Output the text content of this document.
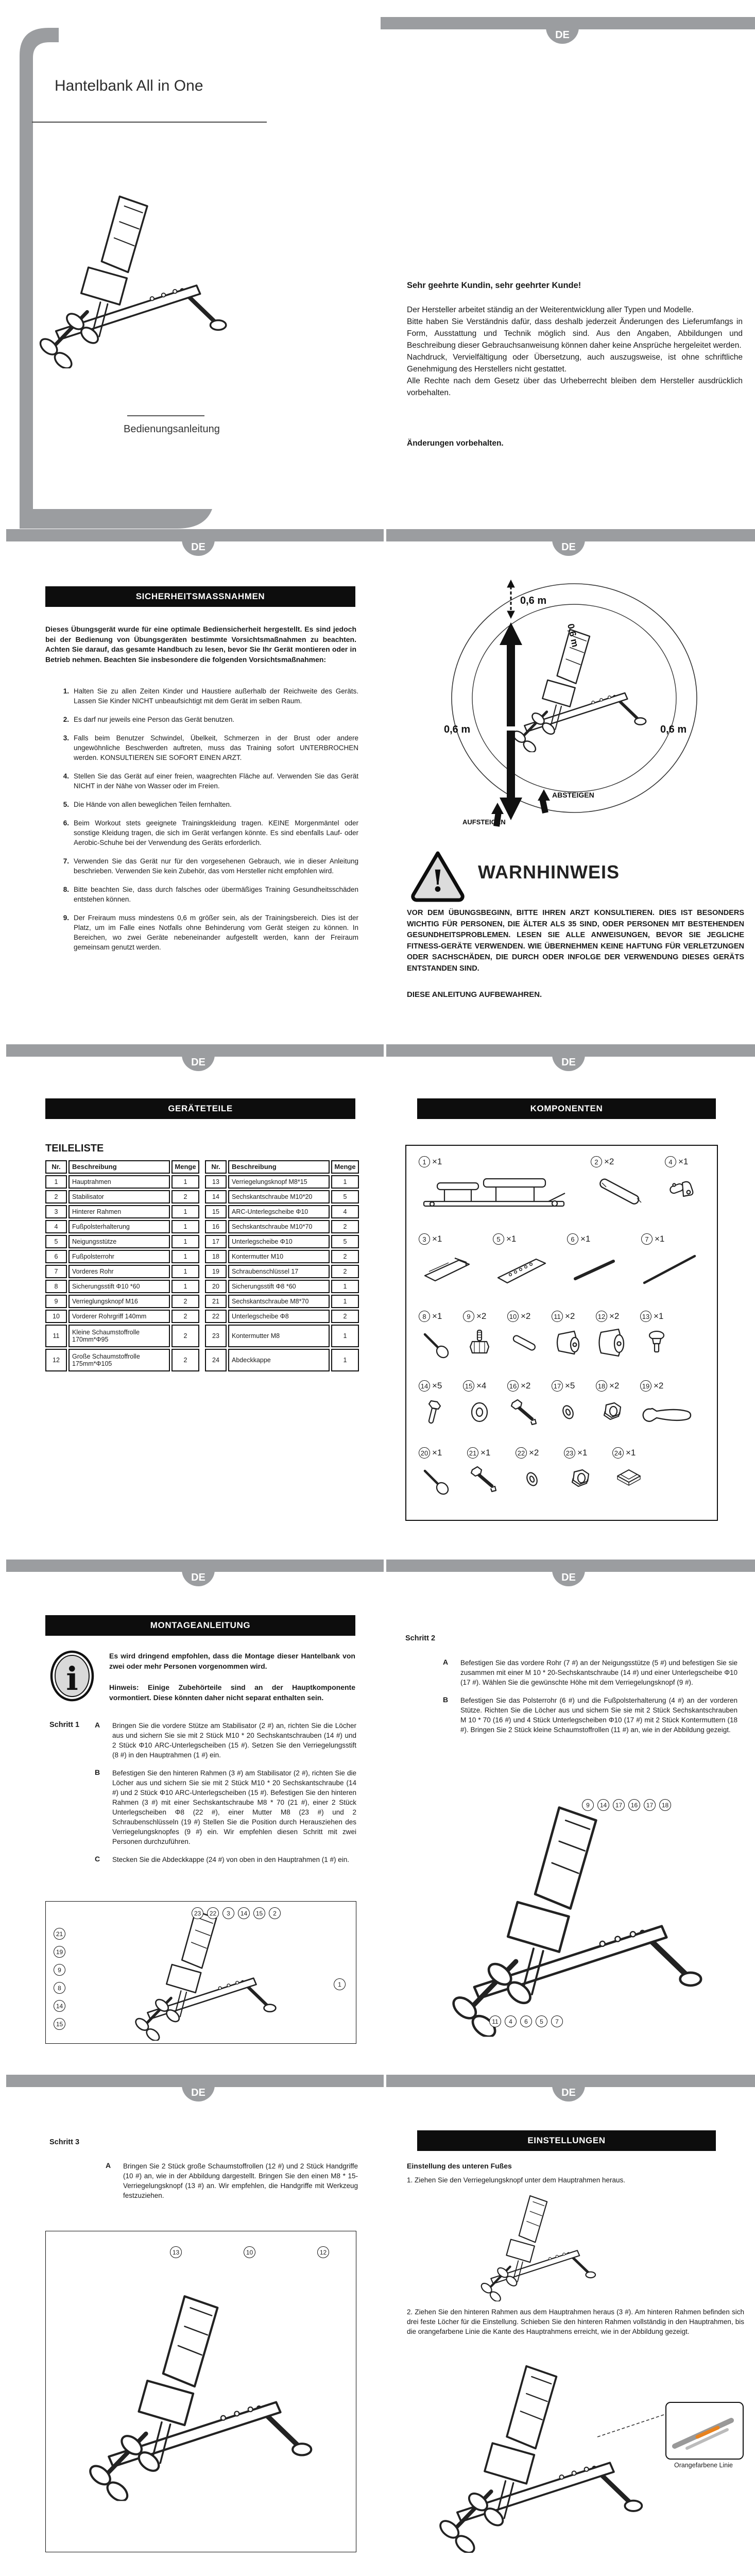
DE
Hantelbank All in One
Bedienungsanleitung
Sehr geehrte Kundin, sehr geehrter Kunde!
Der Hersteller arbeitet ständig an der Weiterentwicklung aller Typen und Modelle.
Bitte haben Sie Verständnis dafür, dass deshalb jederzeit Änderungen des Lieferumfangs in Form, Ausstattung und Technik möglich sind. Aus den Angaben, Abbildungen und Beschreibung dieser Gebrauchsanweisung können daher keine Ansprüche hergeleitet werden.
Nachdruck, Vervielfältigung oder Übersetzung, auch auszugsweise, ist ohne schriftliche Genehmigung des Herstellers nicht gestattet.
Alle Rechte nach dem Gesetz über das Urheberrecht bleiben dem Hersteller ausdrücklich vorbehalten.
Änderungen vorbehalten.
DE	DE
SICHERHEITSMASSNAHMEN
Dieses Übungsgerät wurde für eine optimale Bediensicherheit hergestellt. Es sind jedoch bei der Bedienung von Übungsgeräten bestimmte Vorsichtsmaßnahmen zu beachten. Achten Sie darauf, das gesamte Handbuch zu lesen, bevor Sie Ihr Gerät montieren oder in Betrieb nehmen. Beachten Sie insbesondere die folgenden Vorsichtsmaßnahmen:
1. Halten Sie zu allen Zeiten Kinder und Haustiere außerhalb der Reichweite des Geräts. Lassen Sie Kinder NICHT unbeaufsichtigt mit dem Gerät im selben Raum.
2. Es darf nur jeweils eine Person das Gerät benutzen.
3. Falls beim Benutzer Schwindel, Übelkeit, Schmerzen in der Brust oder andere ungewöhnliche Beschwerden auftreten, muss das Training sofort UNTERBROCHEN werden. KONSULTIEREN SIE SOFORT EINEN ARZT.
4. Stellen Sie das Gerät auf einer freien, waagrechten Fläche auf. Verwenden Sie das Gerät NICHT in der Nähe von Wasser oder im Freien.
5. Die Hände von allen beweglichen Teilen fernhalten.
6. Beim Workout stets geeignete Trainingskleidung tragen. KEINE Morgenmäntel oder sonstige Kleidung tragen, die sich im Gerät verfangen könnte. Es sind ebenfalls Lauf- oder Aerobic-Schuhe bei der Verwendung des Geräts erforderlich.
7. Verwenden Sie das Gerät nur für den vorgesehenen Gebrauch, wie in dieser Anleitung beschrieben. Verwenden Sie kein Zubehör, das vom Hersteller nicht empfohlen wird.
8. Bitte beachten Sie, dass durch falsches oder übermäßiges Training Gesundheitsschäden entstehen können.
9. Der Freiraum muss mindestens 0,6 m größer sein, als der Trainingsbereich. Dies ist der Platz, um im Falle eines Notfalls ohne Behinderung vom Gerät steigen zu können. In Bereichen, wo zwei Geräte nebeneinander aufgestellt werden, kann der Freiraum gemeinsam genutzt werden.
0,6 m
0,6 m	0,6 m
0,6 m
AUFSTEIGEN
ABSTEIGEN
! WARNHINWEIS
VOR DEM ÜBUNGSBEGINN, BITTE IHREN ARZT KONSULTIEREN. DIES IST BESONDERS WICHTIG FÜR PERSONEN, DIE ÄLTER ALS 35 SIND, ODER PERSONEN MIT BESTEHENDEN GESUNDHEITSPROBLEMEN. LESEN SIE ALLE ANWEISUNGEN, BEVOR SIE JEGLICHE FITNESS-GERÄTE VERWENDEN. WIE ÜBERNEHMEN KEINE HAFTUNG FÜR VERLETZUNGEN ODER SACHSCHÄDEN, DIE DURCH ODER INFOLGE DER VERWENDUNG DIESES GERÄTS ENTSTANDEN SIND.
DIESE ANLEITUNG AUFBEWAHREN.
DE	DE
GERÄTETEILE
TEILELISTE
Nr.	Beschreibung	Menge
1	Hauptrahmen	1
2	Stabilisator	2
3	Hinterer Rahmen	1
4	Fußpolsterhalterung	1
5	Neigungsstütze	1
6	Fußpolsterrohr	1
7	Vorderes Rohr	1
8	Sicherungsstift Φ10 *60	1
9	Verrieglungsknopf M16	2
10	Vorderer Rohrgriff 140mm	2
11	Kleine Schaumstoffrolle 170mm*Φ95	2
12	Große Schaumstoffrolle 175mm*Φ105	2
Nr.	Beschreibung	Menge
13	Verriegelungsknopf M8*15	1
14	Sechskantschraube M10*20	5
15	ARC-Unterlegscheibe Φ10	4
16	Sechskantschraube M10*70	2
17	Unterlegscheibe Φ10	5
18	Kontermutter M10	2
19	Schraubenschlüssel 17	2
20	Sicherungsstift Φ8 *60	1
21	Sechskantschraube M8*70	1
22	Unterlegscheibe Φ8	2
23	Kontermutter M8	1
24	Abdeckkappe	1
KOMPONENTEN
1 ×1	2 ×2	4 ×1
3 ×1	5 ×1	6 ×1	7 ×1
8 ×1	9 ×2	10 ×2	11 ×2	12 ×2	13 ×1
14 ×5	15 ×4	16 ×2	17 ×5	18 ×2	19 ×2
20 ×1	21 ×1	22 ×2	23 ×1	24 ×1
DE	DE
MONTAGEANLEITUNG
i
Es wird dringend empfohlen, dass die Montage dieser Hantelbank von zwei oder mehr Personen vorgenommen wird.
Hinweis: Einige Zubehörteile sind an der Hauptkomponente vormontiert. Diese könnten daher nicht separat enthalten sein.
Schritt 1	A	Bringen Sie die vordere Stütze am Stabilisator (2 #) an, richten Sie die Löcher aus und sichern Sie sie mit 2 Stück M10 * 20 Sechskantschrauben (14 #) und 2 Stück Φ10 ARC-Unterlegscheiben (15 #). Setzen Sie den Verriegelungsstift (8 #) in den Hauptrahmen (1 #) ein.
B	Befestigen Sie den hinteren Rahmen (3 #) am Stabilisator (2 #), richten Sie die Löcher aus und sichern Sie sie mit 2 Stück M10 * 20 Sechskantschraube (14 #) und 2 Stück Φ10 ARC-Unterlegscheiben (15 #). Befestigen Sie den hinteren Rahmen (3 #) mit einer Sechskantschraube M8 * 70 (21 #), einer 2 Stück Unterlegscheiben Φ8 (22 #), einer Mutter M8 (23 #) und 2 Schraubenschlüsseln (19 #) Stellen Sie die Position durch Herausziehen des Verriegelungsknopfes (9 #) ein. Wir empfehlen diesen Schritt mit zwei Personen durchzuführen.
C	Stecken Sie die Abdeckkappe (24 #) von oben in den Hauptrahmen (1 #) ein.
23	22	3	14	15	2
21
19
9
8
14
15
1
Schritt 2
A	Befestigen Sie das vordere Rohr (7 #) an der Neigungsstütze (5 #) und befestigen Sie sie zusammen mit einer M 10 * 20-Sechskantschraube (14 #) und einer Unterlegscheibe Φ10 (17 #). Wählen Sie die gewünschte Höhe mit dem Verriegelungsknopf (9 #).
B	Befestigen Sie das Polsterrohr (6 #) und die Fußpolsterhalterung (4 #) an der vorderen Stütze. Richten Sie die Löcher aus und sichern Sie sie mit 2 Stück Sechskantschrauben M 10 * 70 (16 #) und 4 Stück Unterlegscheiben Φ10 (17 #) mit 2 Stück Kontermuttern (18 #). Bringen Sie 2 Stück kleine Schaumstoffrollen (11 #) an, wie in der Abbildung gezeigt.
9	14	17	16	17	18
11	4	6	5	7
DE	DE
Schritt 3
A	Bringen Sie 2 Stück große Schaumstoffrollen (12 #) und 2 Stück Handgriffe (10 #) an, wie in der Abbildung dargestellt. Bringen Sie den einen M8 * 15-Verriegelungsknopf (13 #) an. Wir empfehlen, die Handgriffe mit Werkzeug festzuziehen.
13	10	12
EINSTELLUNGEN
Einstellung des unteren Fußes
1. Ziehen Sie den Verriegelungsknopf unter dem Hauptrahmen heraus.
2. Ziehen Sie den hinteren Rahmen aus dem Hauptrahmen heraus (3 #). Am hinteren Rahmen befinden sich drei feste Löcher für die Einstellung. Schieben Sie den hinteren Rahmen vollständig in den Hauptrahmen, bis die orangefarbene Linie die Kante des Hauptrahmens erreicht, wie in der Abbildung gezeigt.
Orangefarbene Linie
